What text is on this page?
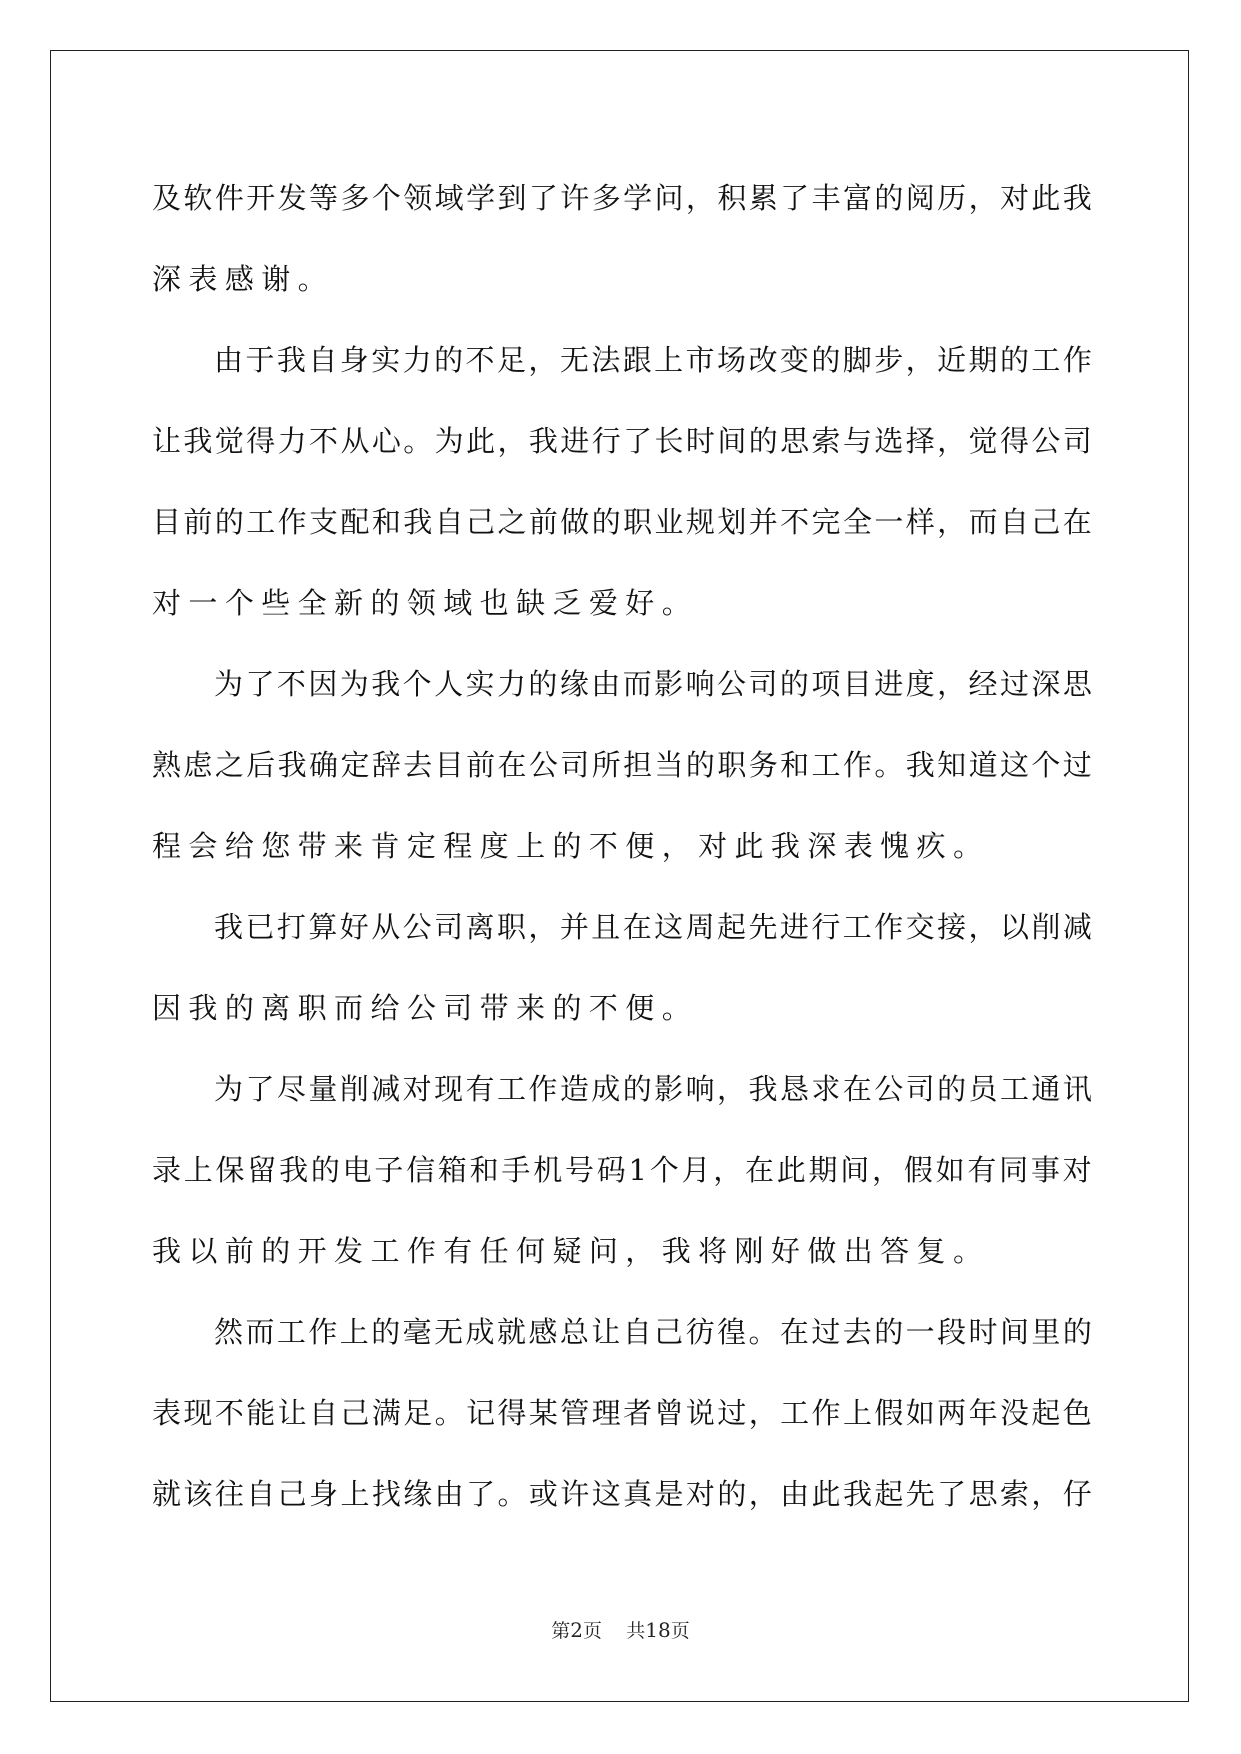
及 软 件 开 发 等 多 个 领 域 学 到 了 许 多 学 问 ， 积 累 了 丰 富 的 阅 历 ， 对 此 我
深 表 感 谢 。
由 于 我 自 身 实 力 的 不 足 ， 无 法 跟 上 市 场 改 变 的 脚 步 ， 近 期 的 工 作
让 我 觉 得 力 不 从 心 。 为 此 ， 我 进 行 了 长 时 间 的 思 索 与 选 择 ， 觉 得 公 司
目 前 的 工 作 支 配 和 我 自 己 之 前 做 的 职 业 规 划 并 不 完 全 一 样 ， 而 自 己 在
对 一 个 些 全 新 的 领 域 也 缺 乏 爱 好 。
为 了 不 因 为 我 个 人 实 力 的 缘 由 而 影 响 公 司 的 项 目 进 度 ， 经 过 深 思
熟 虑 之 后 我 确 定 辞 去 目 前 在 公 司 所 担 当 的 职 务 和 工 作 。 我 知 道 这 个 过
程 会 给 您 带 来 肯 定 程 度 上 的 不 便 ， 对 此 我 深 表 愧 疚 。
我 已 打 算 好 从 公 司 离 职 ， 并 且 在 这 周 起 先 进 行 工 作 交 接 ， 以 削 减
因 我 的 离 职 而 给 公 司 带 来 的 不 便 。
为 了 尽 量 削 减 对 现 有 工 作 造 成 的 影 响 ， 我 恳 求 在 公 司 的 员 工 通 讯
录 上 保 留 我 的 电 子 信 箱 和 手 机 号 码 1 个 月 ， 在 此 期 间 ， 假 如 有 同 事 对
我 以 前 的 开 发 工 作 有 任 何 疑 问 ， 我 将 刚 好 做 出 答 复 。
然 而 工 作 上 的 毫 无 成 就 感 总 让 自 己 彷 徨 。 在 过 去 的 一 段 时 间 里 的
表 现 不 能 让 自 己 满 足 。 记 得 某 管 理 者 曾 说 过 ， 工 作 上 假 如 两 年 没 起 色
就 该 往 自 己 身 上 找 缘 由 了 。 或 许 这 真 是 对 的 ， 由 此 我 起 先 了 思 索 ， 仔
第2页 共18页
